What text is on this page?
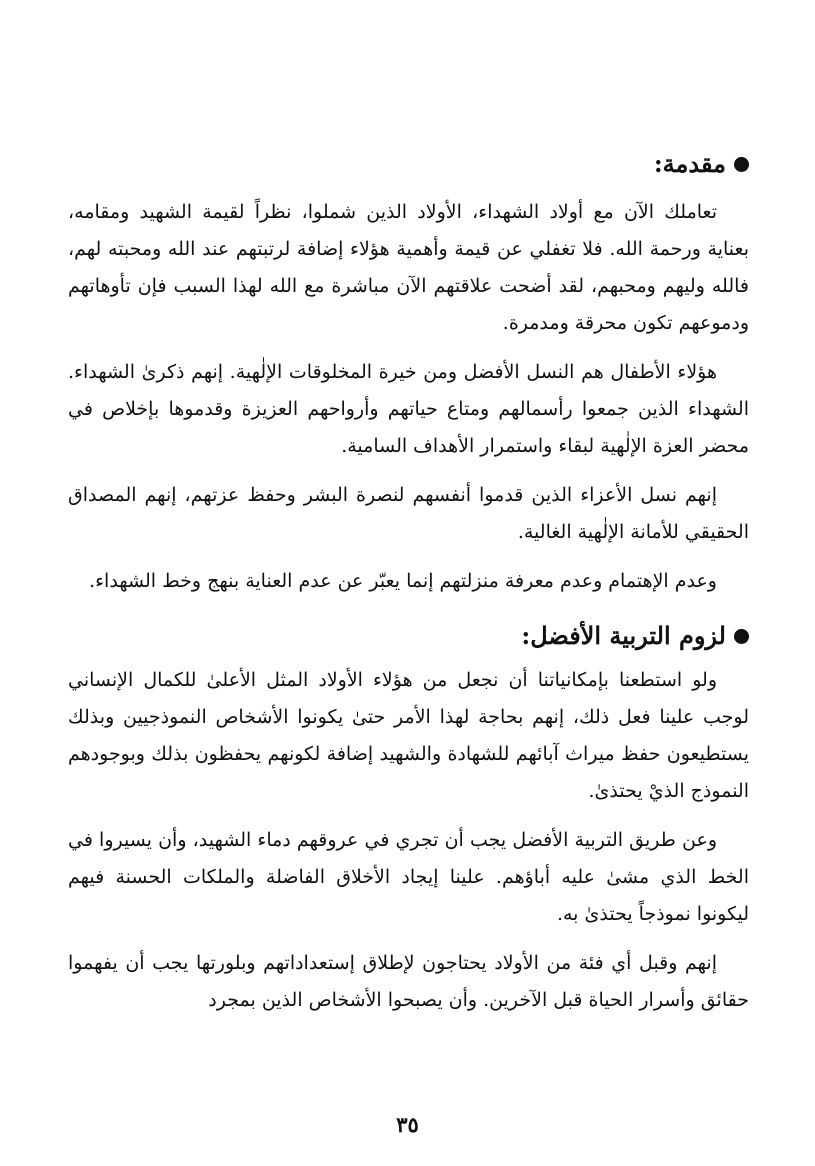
مقدمة:

تعاملك الآن مع أولاد الشهداء، الأولاد الذين شملوا، نظراً لقيمة الشهيد ومقامه، بعناية ورحمة الله. فلا تغفلي عن قيمة وأهمية هؤلاء إضافة لرتبتهم عند الله ومحبته لهم، فالله وليهم ومحبهم، لقد أضحت علاقتهم الآن مباشرة مع الله لهذا السبب فإن تأوهاتهم ودموعهم تكون محرقة ومدمرة.

هؤلاء الأطفال هم النسل الأفضل ومن خيرة المخلوقات الإلٰهية. إنهم ذكرىٰ الشهداء. الشهداء الذين جمعوا رأسمالهم ومتاع حياتهم وأرواحهم العزيزة وقدموها بإخلاص في محضر العزة الإلٰهية لبقاء واستمرار الأهداف السامية.

إنهم نسل الأعزاء الذين قدموا أنفسهم لنصرة البشر وحفظ عزتهم، إنهم المصداق الحقيقي للأمانة الإلٰهية الغالية.

وعدم الإهتمام وعدم معرفة منزلتهم إنما يعبّر عن عدم العناية بنهج وخط الشهداء.

لزوم التربية الأفضل:

ولو استطعنا بإمكانياتنا أن نجعل من هؤلاء الأولاد المثل الأعلىٰ للكمال الإنساني لوجب علينا فعل ذلك، إنهم بحاجة لهذا الأمر حتىٰ يكونوا الأشخاص النموذجيين وبذلك يستطيعون حفظ ميراث آبائهم للشهادة والشهيد إضافة لكونهم يحفظون بذلك وبوجودهم النموذج الذيْ يحتذىٰ.

وعن طريق التربية الأفضل يجب أن تجري في عروقهم دماء الشهيد، وأن يسيروا في الخط الذي مشىٰ عليه أباؤهم. علينا إيجاد الأخلاق الفاضلة والملكات الحسنة فيهم ليكونوا نموذجاً يحتذىٰ به.

إنهم وقبل أي فئة من الأولاد يحتاجون لإطلاق إستعداداتهم وبلورتها يجب أن يفهموا حقائق وأسرار الحياة قبل الآخرين. وأن يصبحوا الأشخاص الذين بمجرد

٣٥
